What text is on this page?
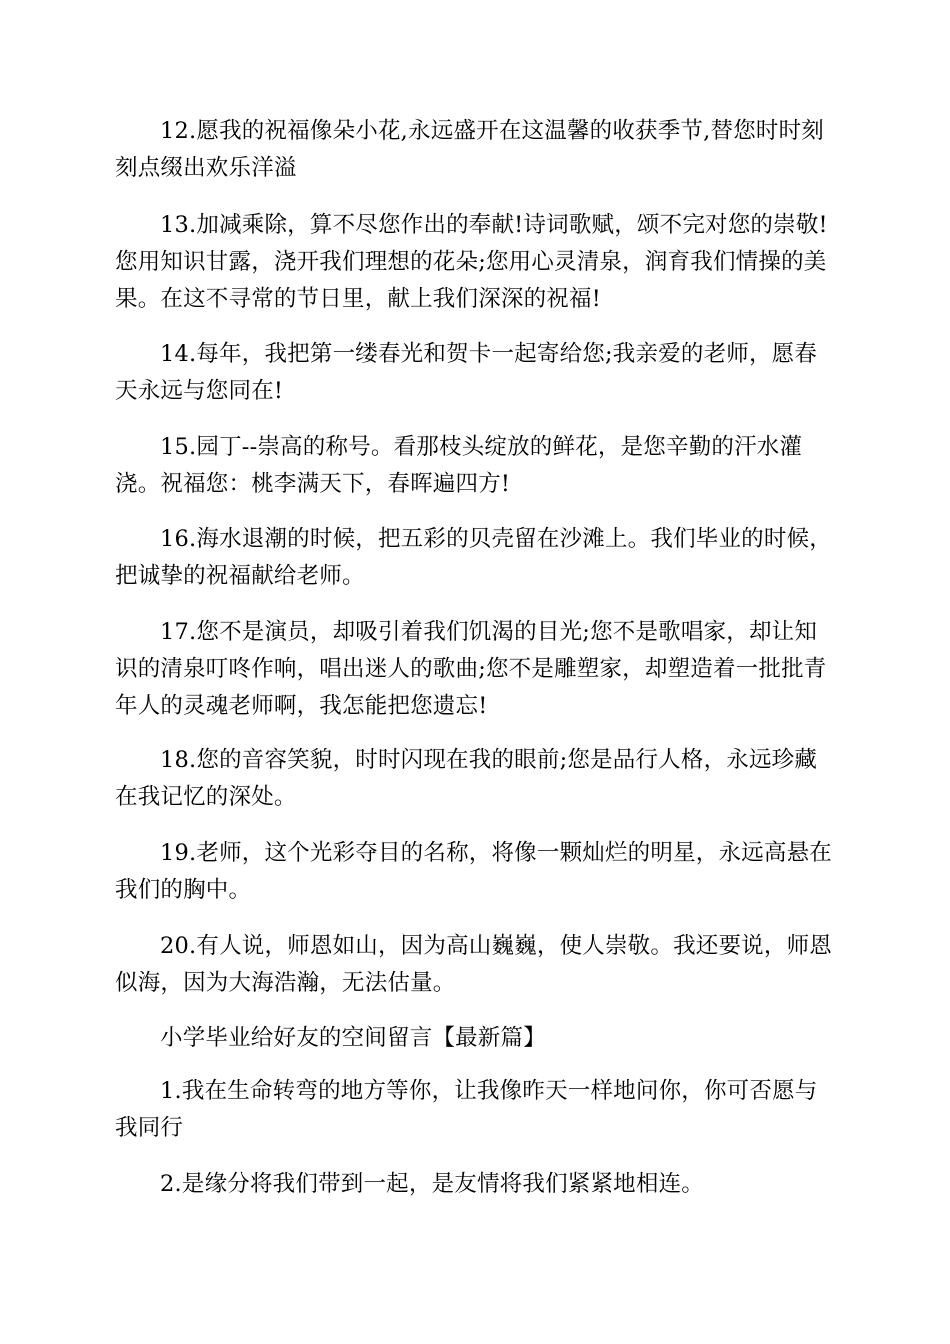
12.愿我的祝福像朵小花,永远盛开在这温馨的收获季节,替您时时刻刻点缀出欢乐洋溢

13.加减乘除，算不尽您作出的奉献!诗词歌赋，颂不完对您的崇敬!您用知识甘露，浇开我们理想的花朵;您用心灵清泉，润育我们情操的美果。在这不寻常的节日里，献上我们深深的祝福!

14.每年，我把第一缕春光和贺卡一起寄给您;我亲爱的老师，愿春天永远与您同在!

15.园丁--崇高的称号。看那枝头绽放的鲜花，是您辛勤的汗水灌浇。祝福您：桃李满天下，春晖遍四方!

16.海水退潮的时候，把五彩的贝壳留在沙滩上。我们毕业的时候，把诚挚的祝福献给老师。

17.您不是演员，却吸引着我们饥渴的目光;您不是歌唱家，却让知识的清泉叮咚作响，唱出迷人的歌曲;您不是雕塑家，却塑造着一批批青年人的灵魂老师啊，我怎能把您遗忘!

18.您的音容笑貌，时时闪现在我的眼前;您是品行人格，永远珍藏在我记忆的深处。

19.老师，这个光彩夺目的名称，将像一颗灿烂的明星，永远高悬在我们的胸中。

20.有人说，师恩如山，因为高山巍巍，使人崇敬。我还要说，师恩似海，因为大海浩瀚，无法估量。

小学毕业给好友的空间留言【最新篇】

1.我在生命转弯的地方等你，让我像昨天一样地问你，你可否愿与我同行

2.是缘分将我们带到一起，是友情将我们紧紧地相连。
